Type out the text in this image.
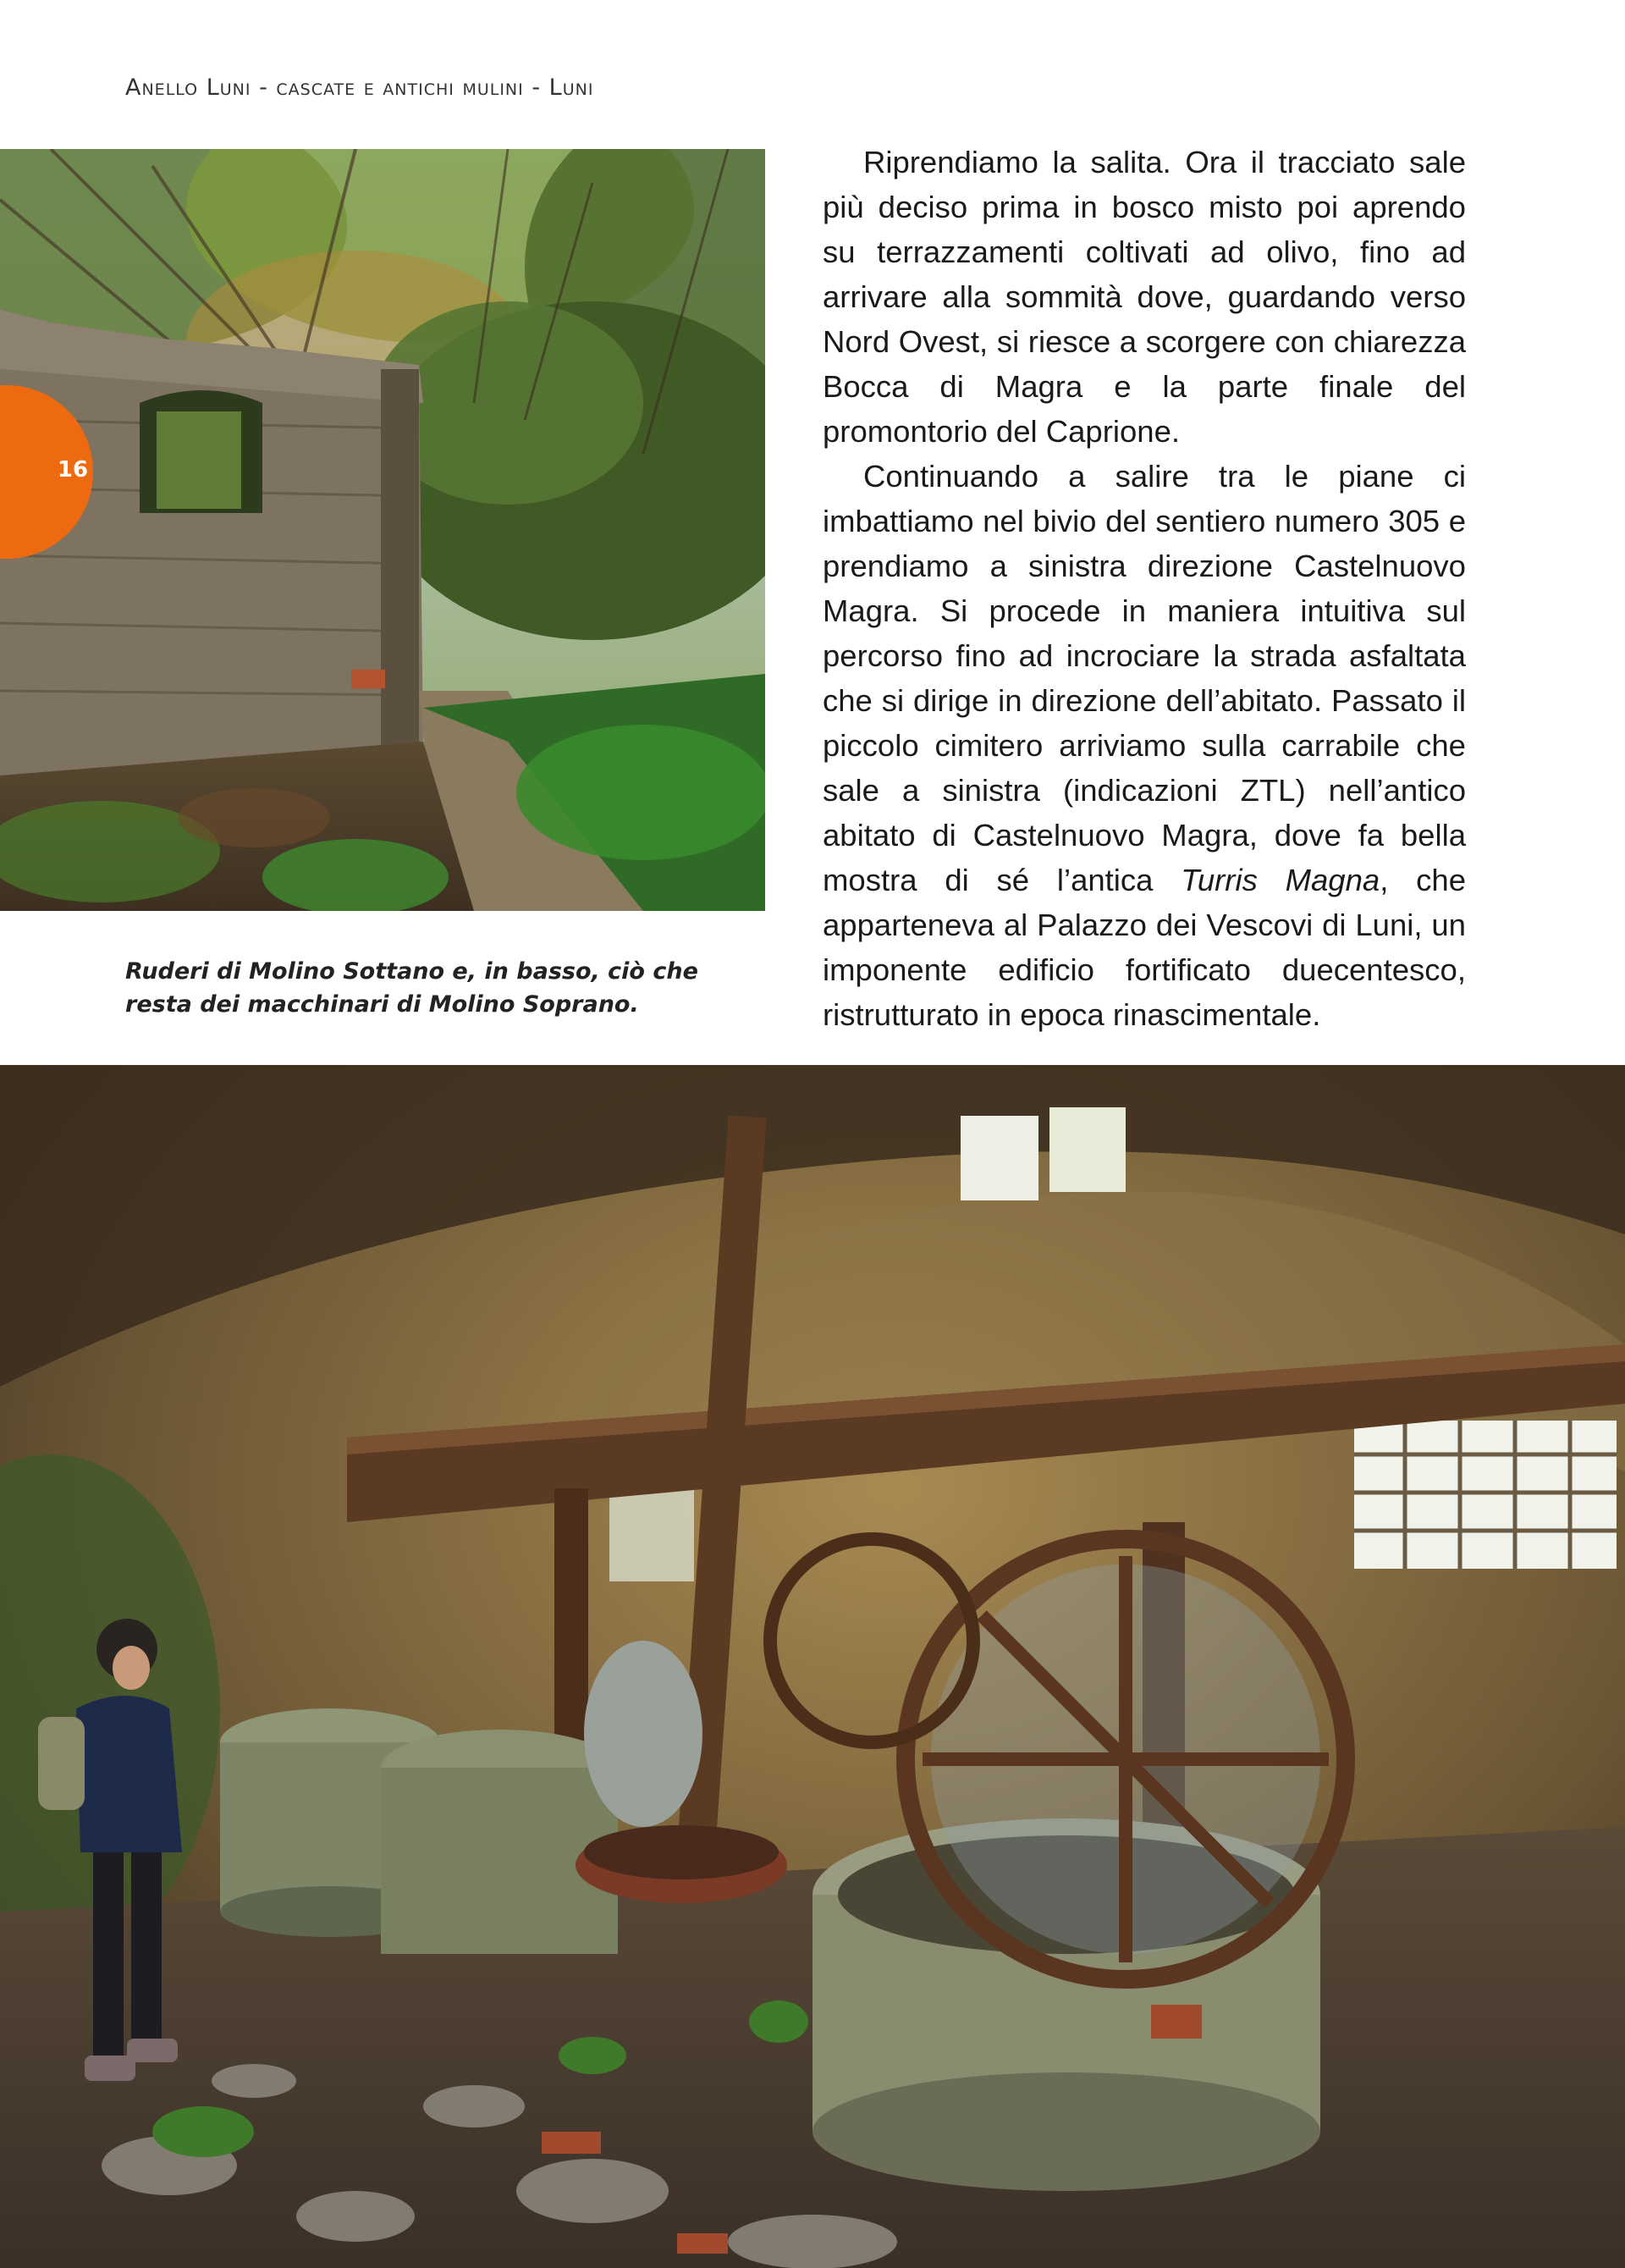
Anello Luni - cascate e antichi mulini - Luni
16
Ruderi di Molino Sottano e, in basso, ciò che resta dei macchinari di Molino Soprano.

Riprendiamo la salita. Ora il tracciato sale più deciso prima in bosco misto poi aprendo su terrazzamenti coltivati ad olivo, fino ad arrivare alla sommità dove, guardando verso Nord Ovest, si riesce a scorgere con chiarezza Bocca di Magra e la parte finale del promontorio del Caprione.

Continuando a salire tra le piane ci imbattiamo nel bivio del sentiero numero 305 e prendiamo a sinistra direzione Castelnuovo Magra. Si procede in maniera intuitiva sul percorso fino ad incrociare la strada asfaltata che si dirige in direzione dell’abitato. Passato il piccolo cimitero arriviamo sulla carrabile che sale a sinistra (indicazioni ZTL) nell’antico abitato di Castelnuovo Magra, dove fa bella mostra di sé l’antica Turris Magna, che apparteneva al Palazzo dei Vescovi di Luni, un imponente edificio fortificato duecentesco, ristrutturato in epoca rinascimentale.
